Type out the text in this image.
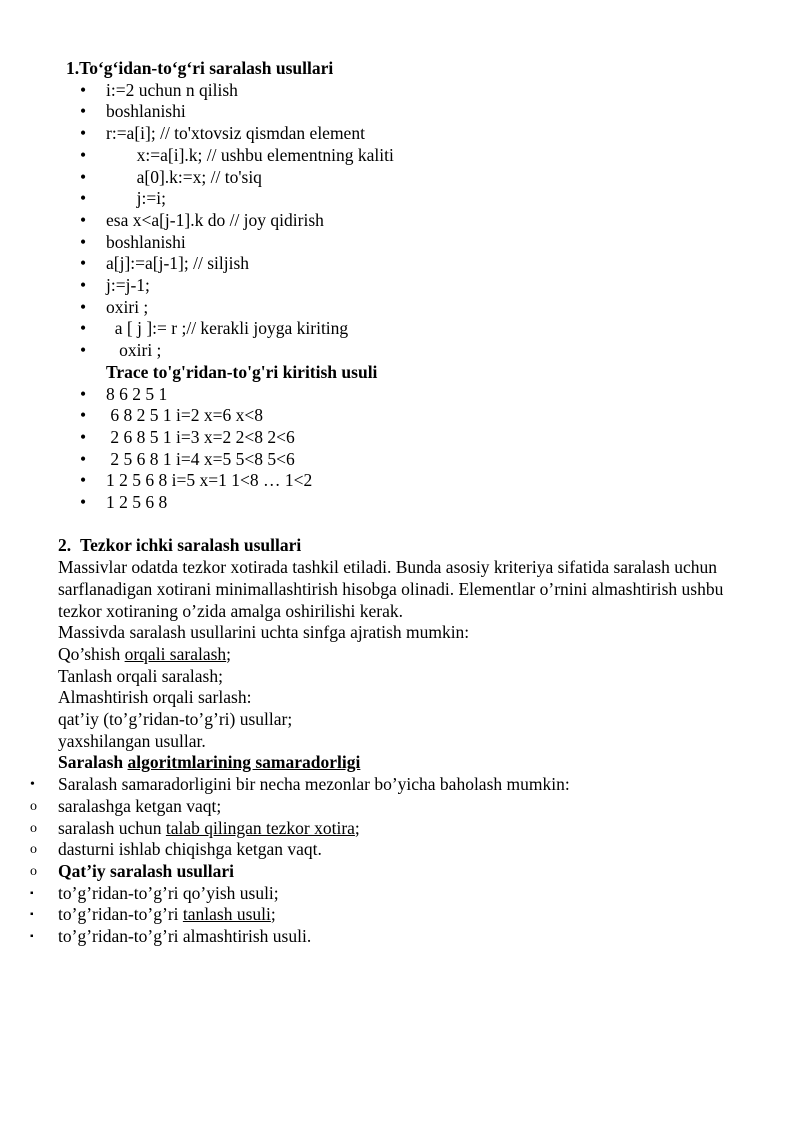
1.To‘g‘idan-to‘g‘ri saralash usullari
• i:=2 uchun n qilish
• boshlanishi
• r:=a[i]; // to'xtovsiz qismdan element
• x:=a[i].k; // ushbu elementning kaliti
• a[0].k:=x; // to'siq
• j:=i;
• esa x<a[j-1].k do // joy qidirish
• boshlanishi
• a[j]:=a[j-1]; // siljish
• j:=j-1;
• oxiri ;
• a [ j ]:= r ;// kerakli joyga kiriting
• oxiri ;
Trace to'g'ridan-to'g'ri kiritish usuli
• 8 6 2 5 1
• 6 8 2 5 1 i=2 x=6 x<8
• 2 6 8 5 1 i=3 x=2 2<8 2<6
• 2 5 6 8 1 i=4 x=5 5<8 5<6
• 1 2 5 6 8 i=5 x=1 1<8 … 1<2
• 1 2 5 6 8
2. Tezkor ichki saralash usullari
Massivlar odatda tezkor xotirada tashkil etiladi. Bunda asosiy kriteriya sifatida saralash uchun sarflanadigan xotirani minimallashtirish hisobga olinadi. Elementlar o’rnini almashtirish ushbu tezkor xotiraning o’zida amalga oshirilishi kerak.
Massivda saralash usullarini uchta sinfga ajratish mumkin:
Qo’shish orqali saralash;
Tanlash orqali saralash;
Almashtirish orqali sarlash:
qat’iy (to’g’ridan-to’g’ri) usullar;
yaxshilangan usullar.
Saralash algoritmlarining samaradorligi
• Saralash samaradorligini bir necha mezonlar bo’yicha baholash mumkin:
o saralashga ketgan vaqt;
o saralash uchun talab qilingan tezkor xotira;
o dasturni ishlab chiqishga ketgan vaqt.
o Qat’iy saralash usullari
▪ to’g’ridan-to’g’ri qo’yish usuli;
▪ to’g’ridan-to’g’ri tanlash usuli;
▪ to’g’ridan-to’g’ri almashtirish usuli.
